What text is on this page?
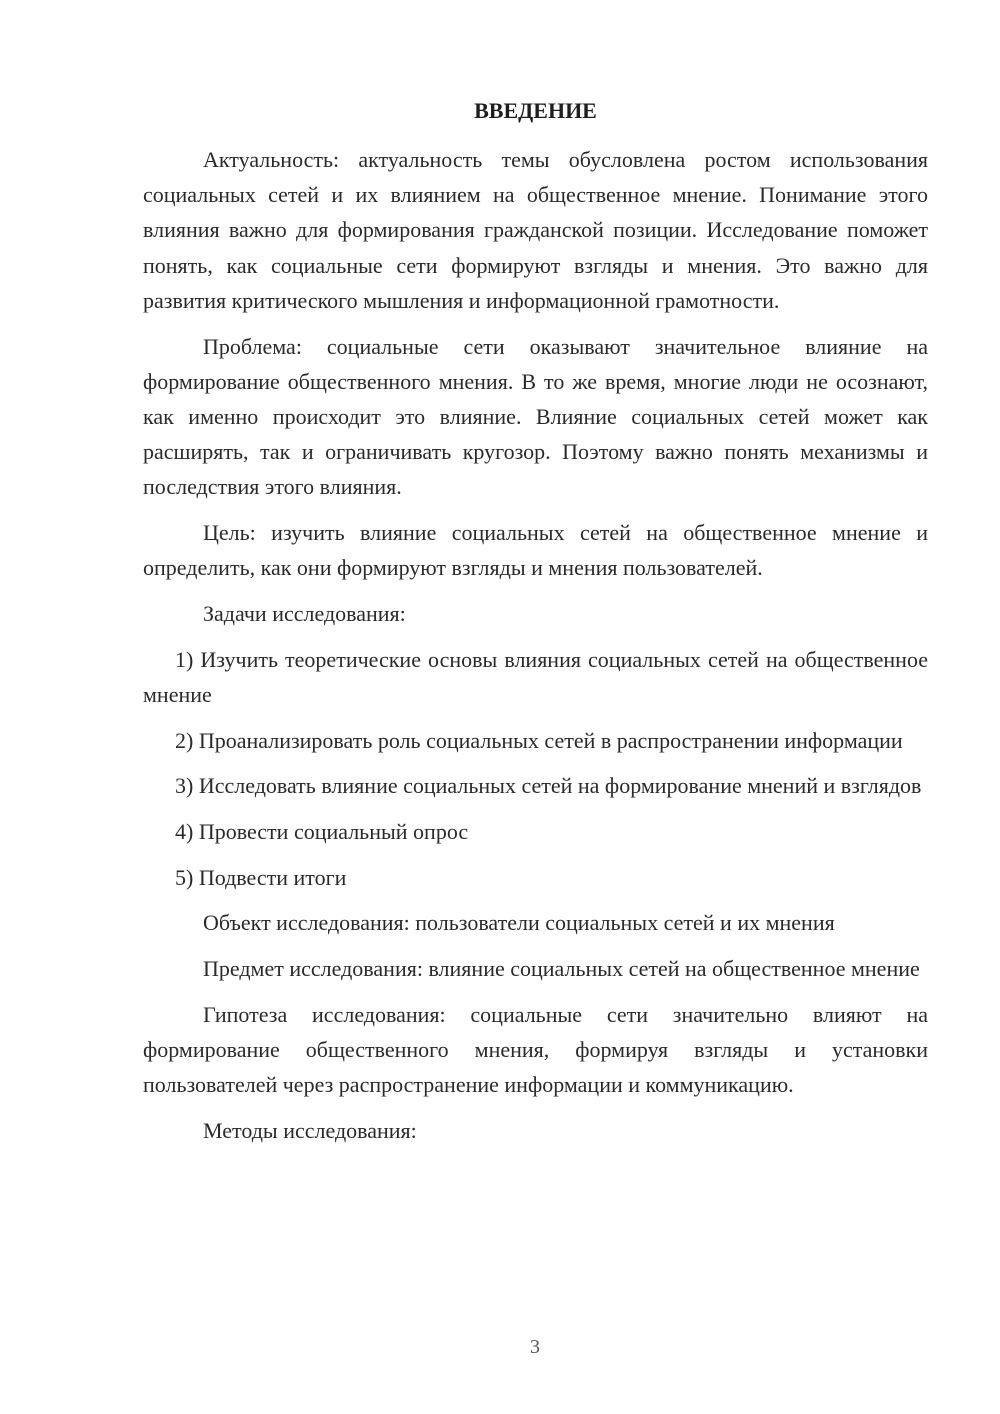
ВВЕДЕНИЕ

Актуальность: актуальность темы обусловлена ростом использования социальных сетей и их влиянием на общественное мнение. Понимание этого влияния важно для формирования гражданской позиции. Исследование поможет понять, как социальные сети формируют взгляды и мнения. Это важно для развития критического мышления и информационной грамотности.

Проблема: социальные сети оказывают значительное влияние на формирование общественного мнения. В то же время, многие люди не осознают, как именно происходит это влияние. Влияние социальных сетей может как расширять, так и ограничивать кругозор. Поэтому важно понять механизмы и последствия этого влияния.

Цель: изучить влияние социальных сетей на общественное мнение и определить, как они формируют взгляды и мнения пользователей.

Задачи исследования:

1) Изучить теоретические основы влияния социальных сетей на общественное мнение

2) Проанализировать роль социальных сетей в распространении информации

3) Исследовать влияние социальных сетей на формирование мнений и взглядов

4) Провести социальный опрос

5) Подвести итоги

Объект исследования: пользователи социальных сетей и их мнения

Предмет исследования: влияние социальных сетей на общественное мнение

Гипотеза исследования: социальные сети значительно влияют на формирование общественного мнения, формируя взгляды и установки пользователей через распространение информации и коммуникацию.

Методы исследования:

3
